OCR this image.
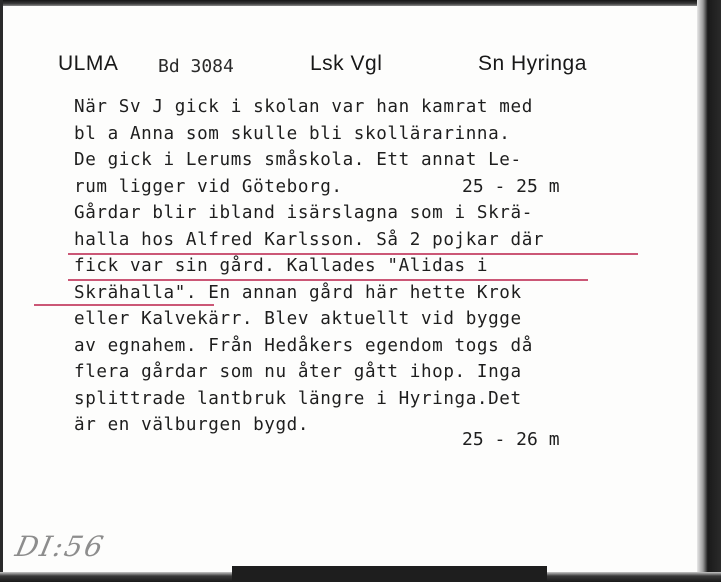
ULMA Bd 3084	Lsk Vgl	Sn Hyringa
När Sv J gick i skolan var han kamrat med
bl a Anna som skulle bli skollärarinna.
De gick i Lerums småskola. Ett annat Le-
rum ligger vid Göteborg.
Gårdar blir ibland isärslagna som i Skrä-
halla hos Alfred Karlsson. Så 2 pojkar där
fick var sin gård. Kallades "Alidas i
Skrähalla". En annan gård här hette Krok
eller Kalvekärr. Blev aktuellt vid bygge
av egnahem. Från Hedåkers egendom togs då
flera gårdar som nu åter gått ihop. Inga
splittrade lantbruk längre i Hyringa.Det
är en välburgen bygd.
25 - 25 m
25 - 26 m
DI:56
